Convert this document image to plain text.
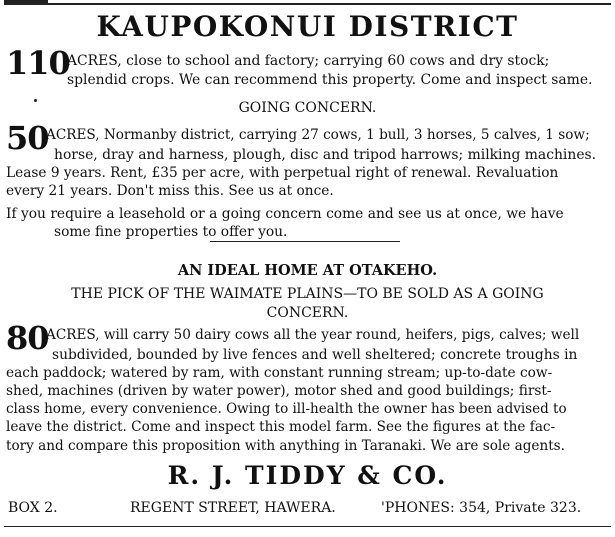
KAUPOKONUI DISTRICT
110
ACRES, close to school and factory; carrying 60 cows and dry stock;
splendid crops. We can recommend this property. Come and inspect same.
GOING CONCERN.
50
ACRES, Normanby district, carrying 27 cows, 1 bull, 3 horses, 5 calves, 1 sow;
horse, dray and harness, plough, disc and tripod harrows; milking machines.
Lease 9 years. Rent, £35 per acre, with perpetual right of renewal. Revaluation
every 21 years. Don't miss this. See us at once.
If you require a leasehold or a going concern come and see us at once, we have
some fine properties to offer you.
AN IDEAL HOME AT OTAKEHO.
THE PICK OF THE WAIMATE PLAINS—TO BE SOLD AS A GOING
CONCERN.
80
ACRES, will carry 50 dairy cows all the year round, heifers, pigs, calves; well
subdivided, bounded by live fences and well sheltered; concrete troughs in
each paddock; watered by ram, with constant running stream; up-to-date cow-
shed, machines (driven by water power), motor shed and good buildings; first-
class home, every convenience. Owing to ill-health the owner has been advised to
leave the district. Come and inspect this model farm. See the figures at the fac-
tory and compare this proposition with anything in Taranaki. We are sole agents.
R. J. TIDDY & CO.
BOX 2.	REGENT STREET, HAWERA.	'PHONES: 354, Private 323.
